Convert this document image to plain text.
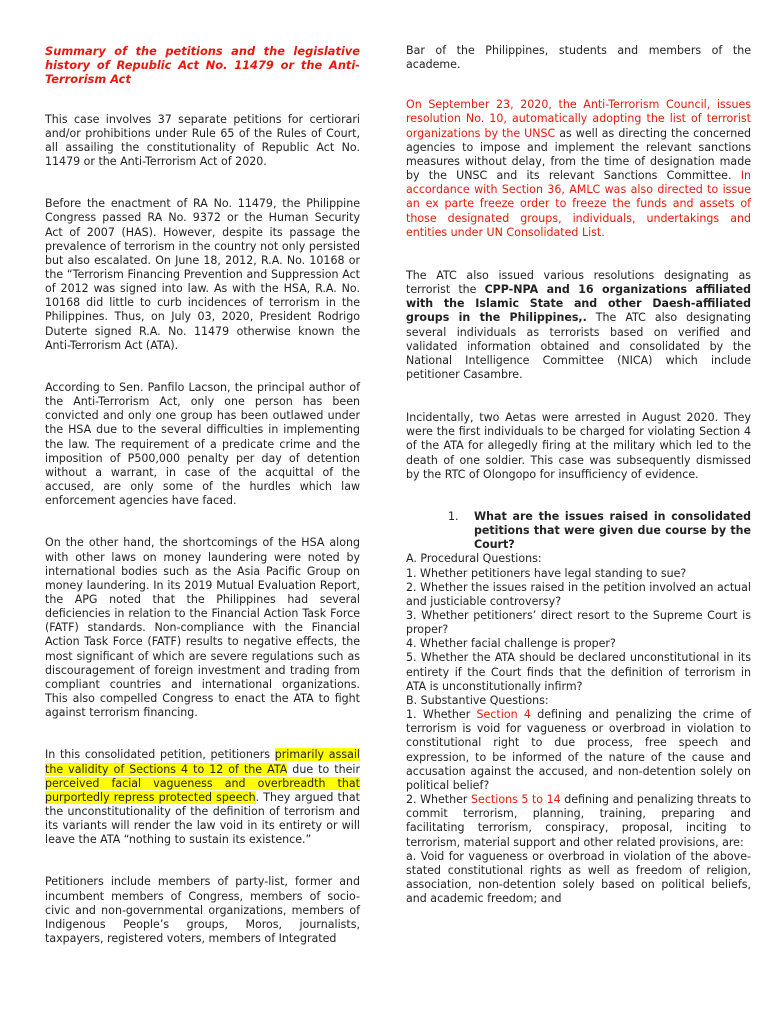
Summary of the petitions and the legislative history of Republic Act No. 11479 or the Anti-Terrorism Act

This case involves 37 separate petitions for certiorari and/or prohibitions under Rule 65 of the Rules of Court, all assailing the constitutionality of Republic Act No. 11479 or the Anti-Terrorism Act of 2020.

Before the enactment of RA No. 11479, the Philippine Congress passed RA No. 9372 or the Human Security Act of 2007 (HAS). However, despite its passage the prevalence of terrorism in the country not only persisted but also escalated. On June 18, 2012, R.A. No. 10168 or the “Terrorism Financing Prevention and Suppression Act of 2012 was signed into law. As with the HSA, R.A. No. 10168 did little to curb incidences of terrorism in the Philippines. Thus, on July 03, 2020, President Rodrigo Duterte signed R.A. No. 11479 otherwise known the Anti-Terrorism Act (ATA).

According to Sen. Panfilo Lacson, the principal author of the Anti-Terrorism Act, only one person has been convicted and only one group has been outlawed under the HSA due to the several difficulties in implementing the law. The requirement of a predicate crime and the imposition of P500,000 penalty per day of detention without a warrant, in case of the acquittal of the accused, are only some of the hurdles which law enforcement agencies have faced.

On the other hand, the shortcomings of the HSA along with other laws on money laundering were noted by international bodies such as the Asia Pacific Group on money laundering. In its 2019 Mutual Evaluation Report, the APG noted that the Philippines had several deficiencies in relation to the Financial Action Task Force (FATF) standards. Non-compliance with the Financial Action Task Force (FATF) results to negative effects, the most significant of which are severe regulations such as discouragement of foreign investment and trading from compliant countries and international organizations. This also compelled Congress to enact the ATA to fight against terrorism financing.

In this consolidated petition, petitioners primarily assail the validity of Sections 4 to 12 of the ATA due to their perceived facial vagueness and overbreadth that purportedly repress protected speech. They argued that the unconstitutionality of the definition of terrorism and its variants will render the law void in its entirety or will leave the ATA “nothing to sustain its existence.”

Petitioners include members of party-list, former and incumbent members of Congress, members of socio-civic and non-governmental organizations, members of Indigenous People’s groups, Moros, journalists, taxpayers, registered voters, members of Integrated

Bar of the Philippines, students and members of the academe.

On September 23, 2020, the Anti-Terrorism Council, issues resolution No. 10, automatically adopting the list of terrorist organizations by the UNSC as well as directing the concerned agencies to impose and implement the relevant sanctions measures without delay, from the time of designation made by the UNSC and its relevant Sanctions Committee. In accordance with Section 36, AMLC was also directed to issue an ex parte freeze order to freeze the funds and assets of those designated groups, individuals, undertakings and entities under UN Consolidated List.

The ATC also issued various resolutions designating as terrorist the CPP-NPA and 16 organizations affiliated with the Islamic State and other Daesh-affiliated groups in the Philippines,. The ATC also designating several individuals as terrorists based on verified and validated information obtained and consolidated by the National Intelligence Committee (NICA) which include petitioner Casambre.

Incidentally, two Aetas were arrested in August 2020. They were the first individuals to be charged for violating Section 4 of the ATA for allegedly firing at the military which led to the death of one soldier. This case was subsequently dismissed by the RTC of Olongopo for insufficiency of evidence.

1.	What are the issues raised in consolidated petitions that were given due course by the Court?

A. Procedural Questions:

1. Whether petitioners have legal standing to sue?

2. Whether the issues raised in the petition involved an actual and justiciable controversy?

3. Whether petitioners’ direct resort to the Supreme Court is proper?

4. Whether facial challenge is proper?

5. Whether the ATA should be declared unconstitutional in its entirety if the Court finds that the definition of terrorism in ATA is unconstitutionally infirm?

B. Substantive Questions:

1. Whether Section 4 defining and penalizing the crime of terrorism is void for vagueness or overbroad in violation to constitutional right to due process, free speech and expression, to be informed of the nature of the cause and accusation against the accused, and non-detention solely on political belief?

2. Whether Sections 5 to 14 defining and penalizing threats to commit terrorism, planning, training, preparing and facilitating terrorism, conspiracy, proposal, inciting to terrorism, material support and other related provisions, are:

a. Void for vagueness or overbroad in violation of the above-stated constitutional rights as well as freedom of religion, association, non-detention solely based on political beliefs, and academic freedom; and
